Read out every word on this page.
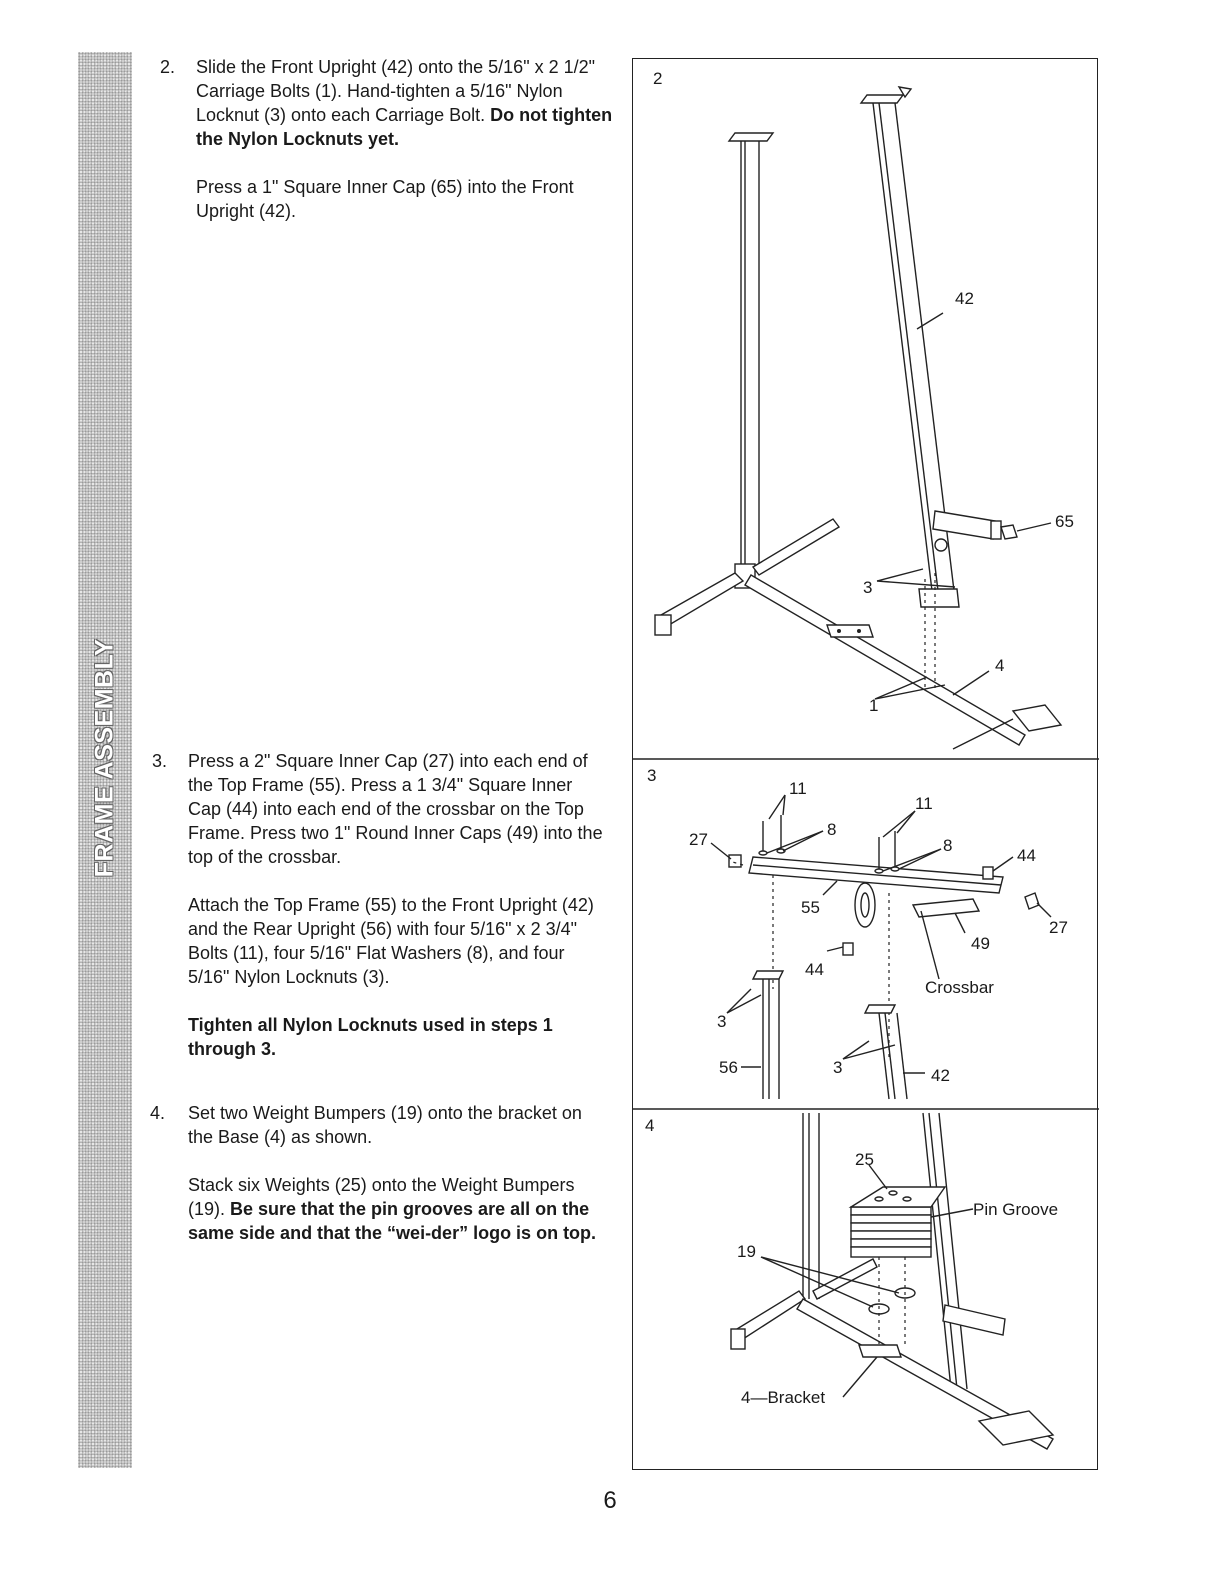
FRAME ASSEMBLY
2. Slide the Front Upright (42) onto the 5/16" x 2 1/2" Carriage Bolts (1). Hand-tighten a 5/16" Nylon Locknut (3) onto each Carriage Bolt. Do not tighten the Nylon Locknuts yet.

Press a 1" Square Inner Cap (65) into the Front Upright (42).

3. Press a 2" Square Inner Cap (27) into each end of the Top Frame (55). Press a 1 3/4" Square Inner Cap (44) into each end of the crossbar on the Top Frame. Press two 1" Round Inner Caps (49) into the top of the crossbar.

Attach the Top Frame (55) to the Front Upright (42) and the Rear Upright (56) with four 5/16" x 2 3/4" Bolts (11), four 5/16" Flat Washers (8), and four 5/16" Nylon Locknuts (3).

Tighten all Nylon Locknuts used in steps 1 through 3.

4. Set two Weight Bumpers (19) onto the bracket on the Base (4) as shown.

Stack six Weights (25) onto the Weight Bumpers (19). Be sure that the pin grooves are all on the same side and that the “wei-der” logo is on top.

2
42
65
3
4
1
3
11
11
8
8
27
27
44
44
55
49
Crossbar
3
3
56	42
4
25
Pin Groove
19
4—Bracket
6
